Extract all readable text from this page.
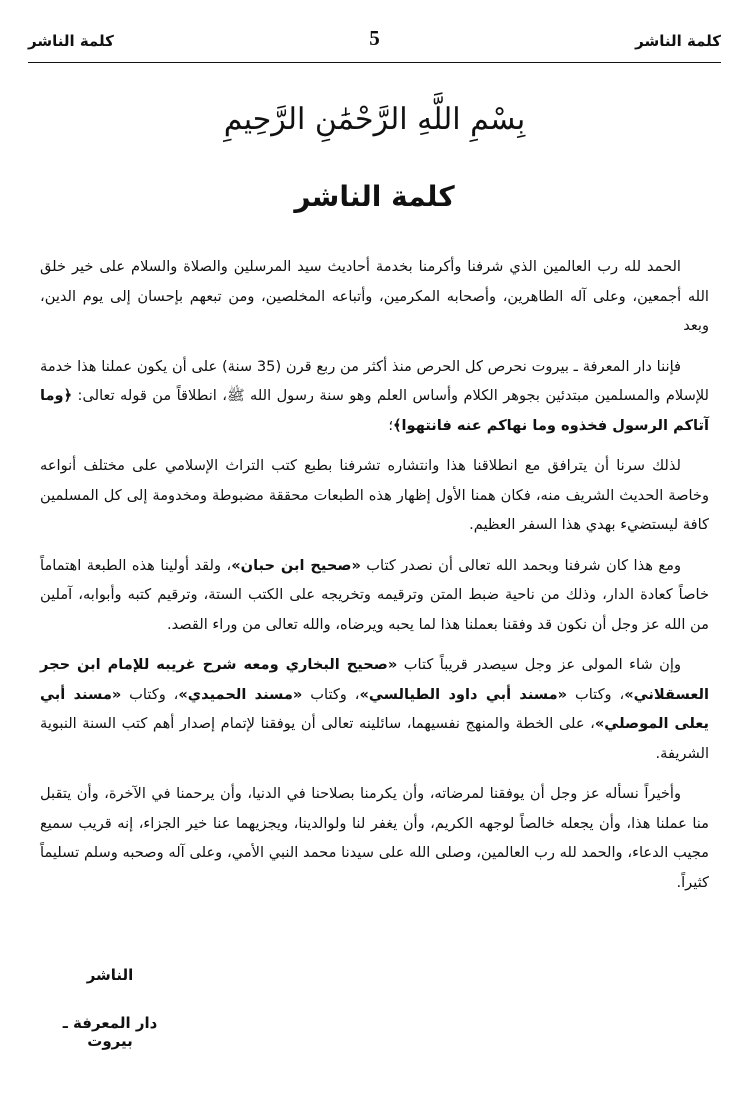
كلمة الناشر
5
كلمة الناشر
بِسْمِ اللَّهِ الرَّحْمَٰنِ الرَّحِيمِ
كلمة الناشر

الحمد لله رب العالمين الذي شرفنا وأكرمنا بخدمة أحاديث سيد المرسلين والصلاة والسلام على خير خلق الله أجمعين، وعلى آله الطاهرين، وأصحابه المكرمين، وأتباعه المخلصين، ومن تبعهم بإحسان إلى يوم الدين، وبعد

فإننا دار المعرفة ـ بيروت نحرص كل الحرص منذ أكثر من ربع قرن (35 سنة) على أن يكون عملنا هذا خدمة للإسلام والمسلمين مبتدئين بجوهر الكلام وأساس العلم وهو سنة رسول الله ﷺ، انطلاقاً من قوله تعالى: ﴿وما آتاكم الرسول فخذوه وما نهاكم عنه فانتهوا﴾؛

لذلك سرنا أن يترافق مع انطلاقنا هذا وانتشاره تشرفنا بطبع كتب التراث الإسلامي على مختلف أنواعه وخاصة الحديث الشريف منه، فكان همنا الأول إظهار هذه الطبعات محققة مضبوطة ومخدومة إلى كل المسلمين كافة ليستضيء بهدي هذا السفر العظيم.

ومع هذا كان شرفنا وبحمد الله تعالى أن نصدر كتاب «صحيح ابن حبان»، ولقد أولينا هذه الطبعة اهتماماً خاصاً كعادة الدار، وذلك من ناحية ضبط المتن وترقيمه وتخريجه على الكتب الستة، وترقيم كتبه وأبوابه، آملين من الله عز وجل أن نكون قد وفقنا بعملنا هذا لما يحبه ويرضاه، والله تعالى من وراء القصد.

وإن شاء المولى عز وجل سيصدر قريباً كتاب «صحيح البخاري ومعه شرح غريبه للإمام ابن حجر العسقلاني»، وكتاب «مسند أبي داود الطيالسي»، وكتاب «مسند الحميدي»، وكتاب «مسند أبي يعلى الموصلي»، على الخطة والمنهج نفسيهما، سائلينه تعالى أن يوفقنا لإتمام إصدار أهم كتب السنة النبوية الشريفة.

وأخيراً نسأله عز وجل أن يوفقنا لمرضاته، وأن يكرمنا بصلاحنا في الدنيا، وأن يرحمنا في الآخرة، وأن يتقبل منا عملنا هذا، وأن يجعله خالصاً لوجهه الكريم، وأن يغفر لنا ولوالدينا، ويجزيهما عنا خير الجزاء، إنه قريب سميع مجيب الدعاء، والحمد لله رب العالمين، وصلى الله على سيدنا محمد النبي الأمي، وعلى آله وصحبه وسلم تسليماً كثيراً.

الناشر
دار المعرفة ـ بيروت
